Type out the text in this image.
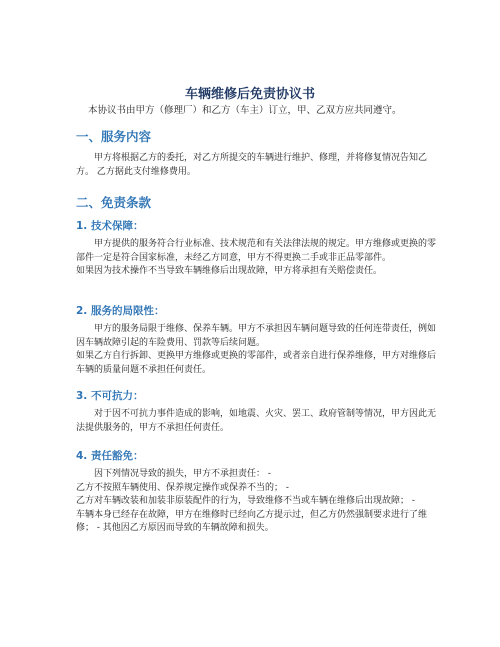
车辆维修后免责协议书

本协议书由甲方（修理厂）和乙方（车主）订立，甲、乙双方应共同遵守。

一、服务内容

甲方将根据乙方的委托，对乙方所提交的车辆进行维护、修理，并将修复情况告知乙方。 乙方据此支付维修费用。

二、免责条款
1. 技术保障：

甲方提供的服务符合行业标准、技术规范和有关法律法规的规定。甲方维修或更换的零部件一定是符合国家标准，未经乙方同意，甲方不得更换二手或非正品零部件。

如果因为技术操作不当导致车辆维修后出现故障，甲方将承担有关赔偿责任。

2. 服务的局限性：

甲方的服务局限于维修、保养车辆。甲方不承担因车辆问题导致的任何连带责任，例如因车辆故障引起的车险费用、罚款等后续问题。

如果乙方自行拆卸、更换甲方维修或更换的零部件，或者亲自进行保养维修，甲方对维修后车辆的质量问题不承担任何责任。

3. 不可抗力：

对于因不可抗力事件造成的影响，如地震、火灾、罢工、政府管制等情况，甲方因此无法提供服务的，甲方不承担任何责任。

4. 责任豁免：

因下列情况导致的损失，甲方不承担责任： -

乙方不按照车辆使用、保养规定操作或保养不当的； -

乙方对车辆改装和加装非原装配件的行为，导致维修不当或车辆在维修后出现故障； -

车辆本身已经存在故障，甲方在维修时已经向乙方提示过，但乙方仍然强制要求进行了维修； - 其他因乙方原因而导致的车辆故障和损失。
